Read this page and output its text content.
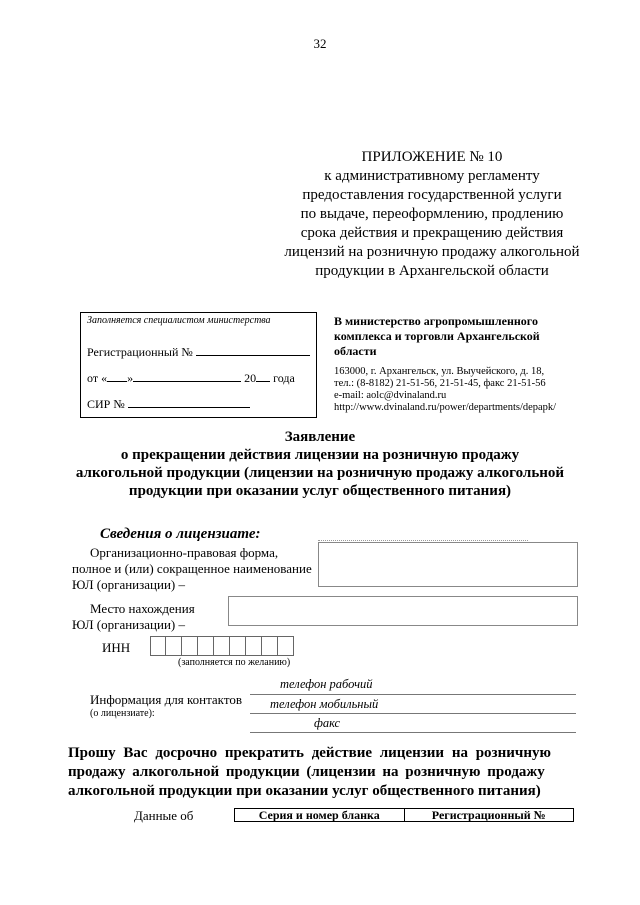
32
ПРИЛОЖЕНИЕ № 10
к административному регламенту
предоставления государственной услуги
по выдаче, переоформлению, продлению
срока действия и прекращению действия
лицензий на розничную продажу алкогольной
продукции в Архангельской области
Заполняется специалистом министерства
Регистрационный №
от « »	20 года
СИР №
В министерство агропромышленного
комплекса и торговли Архангельской
области
163000, г. Архангельск, ул. Выучейского, д. 18,
тел.: (8-8182) 21-51-56, 21-51-45, факс 21-51-56
e-mail: aolc@dvinaland.ru
http://www.dvinaland.ru/power/departments/depapk/
Заявление
о прекращении действия лицензии на розничную продажу
алкогольной продукции (лицензии на розничную продажу алкогольной
продукции при оказании услуг общественного питания)
Сведения о лицензиате:
Организационно-правовая форма,
полное и (или) сокращенное наименование
ЮЛ (организации) –
Место нахождения
ЮЛ (организации) –
ИНН
(заполняется по желанию)
Информация для контактов
(о лицензиате):
телефон рабочий
телефон мобильный
факс
Прошу Вас досрочно прекратить действие лицензии на розничную
продажу алкогольной продукции (лицензии на розничную продажу
алкогольной продукции при оказании услуг общественного питания)
Данные об	Серия и номер бланка	Регистрационный №
